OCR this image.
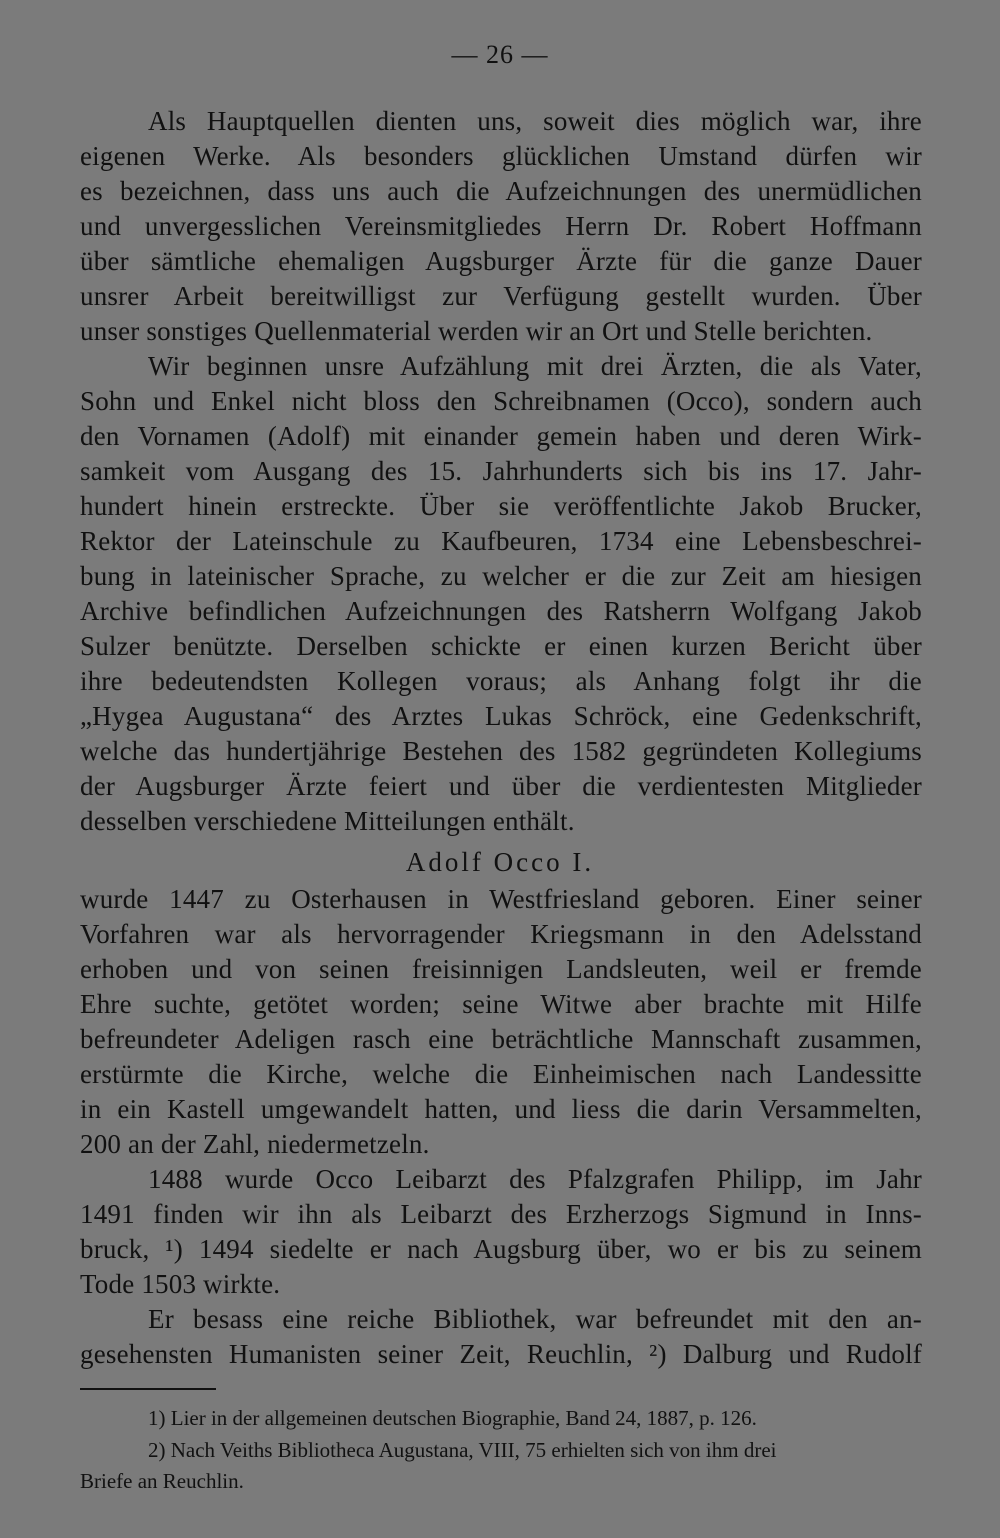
— 26 —
Als Hauptquellen dienten uns, soweit dies möglich war, ihre
eigenen Werke. Als besonders glücklichen Umstand dürfen wir
es bezeichnen, dass uns auch die Aufzeichnungen des unermüdlichen
und unvergesslichen Vereinsmitgliedes Herrn Dr. Robert Hoffmann
über sämtliche ehemaligen Augsburger Ärzte für die ganze Dauer
unsrer Arbeit bereitwilligst zur Verfügung gestellt wurden. Über
unser sonstiges Quellenmaterial werden wir an Ort und Stelle berichten.
Wir beginnen unsre Aufzählung mit drei Ärzten, die als Vater,
Sohn und Enkel nicht bloss den Schreibnamen (Occo), sondern auch
den Vornamen (Adolf) mit einander gemein haben und deren Wirk-
samkeit vom Ausgang des 15. Jahrhunderts sich bis ins 17. Jahr-
hundert hinein erstreckte. Über sie veröffentlichte Jakob Brucker,
Rektor der Lateinschule zu Kaufbeuren, 1734 eine Lebensbeschrei-
bung in lateinischer Sprache, zu welcher er die zur Zeit am hiesigen
Archive befindlichen Aufzeichnungen des Ratsherrn Wolfgang Jakob
Sulzer benützte. Derselben schickte er einen kurzen Bericht über
ihre bedeutendsten Kollegen voraus; als Anhang folgt ihr die
„Hygea Augustana“ des Arztes Lukas Schröck, eine Gedenkschrift,
welche das hundertjährige Bestehen des 1582 gegründeten Kollegiums
der Augsburger Ärzte feiert und über die verdientesten Mitglieder
desselben verschiedene Mitteilungen enthält.
wurde 1447 zu Osterhausen in Westfriesland geboren. Einer seiner
Vorfahren war als hervorragender Kriegsmann in den Adelsstand
erhoben und von seinen freisinnigen Landsleuten, weil er fremde
Ehre suchte, getötet worden; seine Witwe aber brachte mit Hilfe
befreundeter Adeligen rasch eine beträchtliche Mannschaft zusammen,
erstürmte die Kirche, welche die Einheimischen nach Landessitte
in ein Kastell umgewandelt hatten, und liess die darin Versammelten,
200 an der Zahl, niedermetzeln.
1488 wurde Occo Leibarzt des Pfalzgrafen Philipp, im Jahr
1491 finden wir ihn als Leibarzt des Erzherzogs Sigmund in Inns-
bruck, ¹) 1494 siedelte er nach Augsburg über, wo er bis zu seinem
Tode 1503 wirkte.
Er besass eine reiche Bibliothek, war befreundet mit den an-
gesehensten Humanisten seiner Zeit, Reuchlin, ²) Dalburg und Rudolf
Adolf Occo I.
1) Lier in der allgemeinen deutschen Biographie, Band 24, 1887, p. 126.
2) Nach Veiths Bibliotheca Augustana, VIII, 75 erhielten sich von ihm drei
Briefe an Reuchlin.
